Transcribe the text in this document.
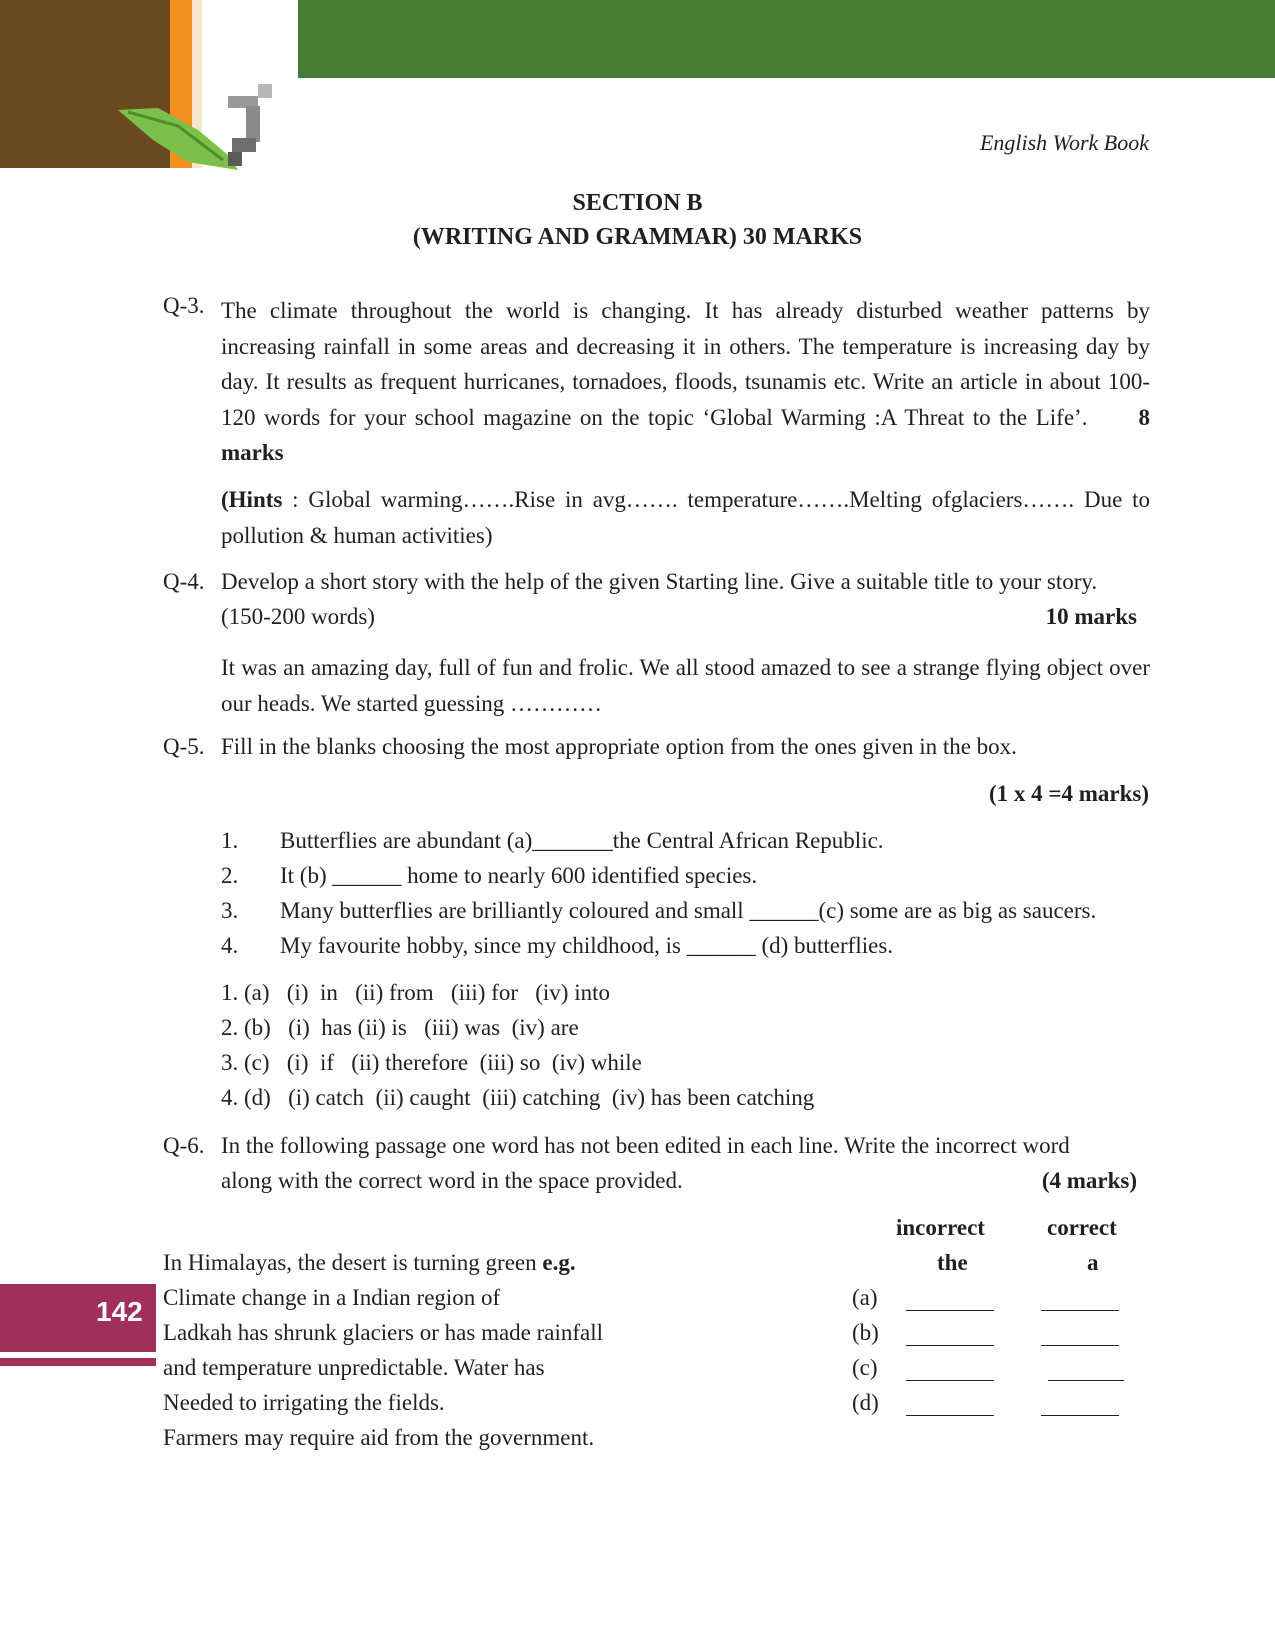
English Work Book
SECTION B
(WRITING AND GRAMMAR) 30 MARKS
Q-3. The climate throughout the world is changing. It has already disturbed weather patterns by increasing rainfall in some areas and decreasing it in others. The temperature is increasing day by day. It results as frequent hurricanes, tornadoes, floods, tsunamis etc. Write an article in about 100-120 words for your school magazine on the topic ‘Global Warming :A Threat to the Life’. 8 marks
(Hints : Global warming…….Rise in avg……. temperature…….Melting ofglaciers……. Due to pollution & human activities)
Q-4. Develop a short story with the help of the given Starting line. Give a suitable title to your story.
(150-200 words)	10 marks
It was an amazing day, full of fun and frolic. We all stood amazed to see a strange flying object over our heads. We started guessing …………
Q-5. Fill in the blanks choosing the most appropriate option from the ones given in the box.
(1 x 4 =4 marks)
1. Butterflies are abundant (a)_______the Central African Republic.
2. It (b) ______ home to nearly 600 identified species.
3. Many butterflies are brilliantly coloured and small ______(c) some are as big as saucers.
4. My favourite hobby, since my childhood, is ______ (d) butterflies.
1. (a)   (i)  in   (ii) from   (iii) for   (iv) into
2. (b)   (i)  has (ii) is   (iii) was  (iv) are
3. (c)   (i)  if   (ii) therefore  (iii) so  (iv) while
4. (d)   (i) catch  (ii) caught  (iii) catching  (iv) has been catching
Q-6. In the following passage one word has not been edited in each line. Write the incorrect word
along with the correct word in the space provided.	(4 marks)
incorrect	correct
In Himalayas, the desert is turning green e.g.	the	a
Climate change in a Indian region of	(a)
Ladkah has shrunk glaciers or has made rainfall	(b)
and temperature unpredictable. Water has	(c)
Needed to irrigating the fields.	(d)
Farmers may require aid from the government.
142
